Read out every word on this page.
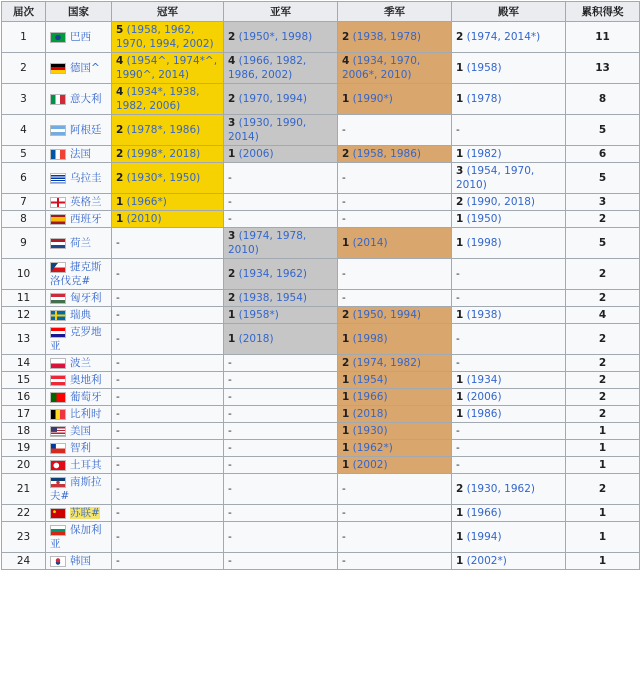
届次	国家	冠军	亚军	季军	殿军	累积得奖
1	巴西	5 (1958, 1962, 1970, 1994, 2002)	2 (1950*, 1998)	2 (1938, 1978)	2 (1974, 2014*)	11
2	德国^	4 (1954^, 1974*^, 1990^, 2014)	4 (1966, 1982, 1986, 2002)	4 (1934, 1970, 2006*, 2010)	1 (1958)	13
3	意大利	4 (1934*, 1938, 1982, 2006)	2 (1970, 1994)	1 (1990*)	1 (1978)	8
4	阿根廷	2 (1978*, 1986)	3 (1930, 1990, 2014)	-	-	5
5	法国	2 (1998*, 2018)	1 (2006)	2 (1958, 1986)	1 (1982)	6
6	乌拉圭	2 (1930*, 1950)	-	-	3 (1954, 1970, 2010)	5
7	英格兰	1 (1966*)	-	-	2 (1990, 2018)	3
8	西班牙	1 (2010)	-	-	1 (1950)	2
9	荷兰	-	3 (1974, 1978, 2010)	1 (2014)	1 (1998)	5
10	捷克斯洛伐克#	-	2 (1934, 1962)	-	-	2
11	匈牙利	-	2 (1938, 1954)	-	-	2
12	瑞典	-	1 (1958*)	2 (1950, 1994)	1 (1938)	4
13	克罗地亚	-	1 (2018)	1 (1998)	-	2
14	波兰	-	-	2 (1974, 1982)	-	2
15	奥地利	-	-	1 (1954)	1 (1934)	2
16	葡萄牙	-	-	1 (1966)	1 (2006)	2
17	比利时	-	-	1 (2018)	1 (1986)	2
18	美国	-	-	1 (1930)	-	1
19	智利	-	-	1 (1962*)	-	1
20	土耳其	-	-	1 (2002)	-	1
21	南斯拉夫#	-	-	-	2 (1930, 1962)	2
22	苏联#	-	-	-	1 (1966)	1
23	保加利亚	-	-	-	1 (1994)	1
24	韩国	-	-	-	1 (2002*)	1
